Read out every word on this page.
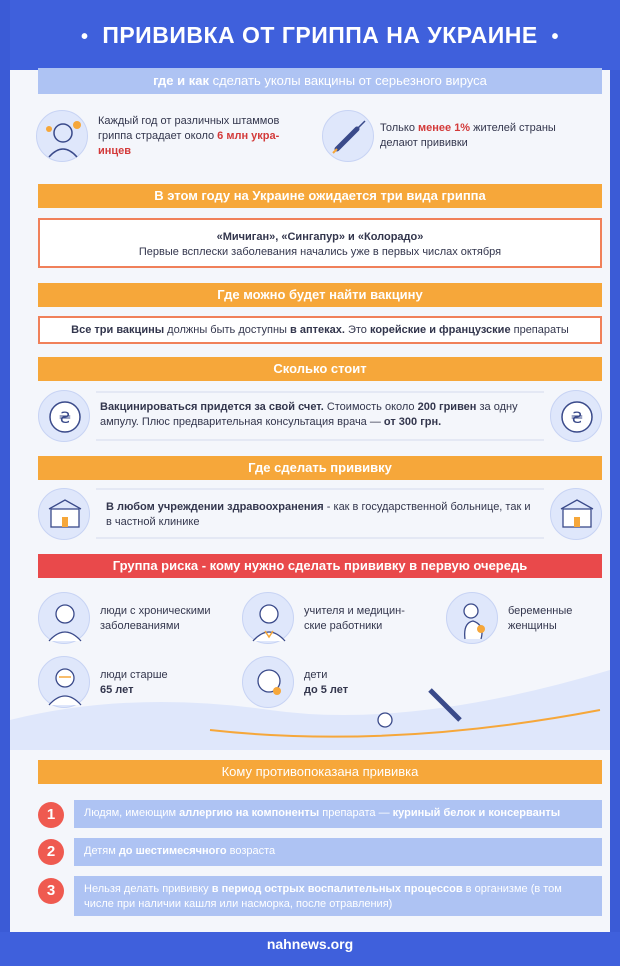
• ПРИВИВКА ОТ ГРИППА НА УКРАИНЕ •
где и как сделать уколы вакцины от серьезного вируса
Каждый год от различных штаммов гриппа страдает около 6 млн укра-
инцев
Только менее 1% жителей страны делают прививки
В этом году на Украине ожидается три вида гриппа
«Мичиган», «Сингапур» и «Колорадо»
Первые всплески заболевания начались уже в первых числах октября
Где можно будет найти вакцину
Все три вакцины должны быть доступны в аптеках. Это корейские и французские препараты
Сколько стоит
₴	₴
Вакцинироваться придется за свой счет. Стоимость около 200 гривен за одну ампулу. Плюс предварительная консультация врача — от 300 грн.
Где сделать прививку
В любом учреждении здравоохранения - как в государственной больнице, так и в частной клинике
Группа риска - кому нужно сделать прививку в первую очередь
люди с хроническими заболеваниями
учителя и медицин-
ские работники
беременные
женщины
люди старше
65 лет
дети
до 5 лет
Кому противопоказана прививка
1	Людям, имеющим аллергию на компоненты препарата — куриный белок и консерванты
2	Детям до шестимесячного возраста
3	Нельзя делать прививку в период острых воспалительных процессов в организме (в том числе при наличии кашля или насморка, после отравления)
nahnews.org
